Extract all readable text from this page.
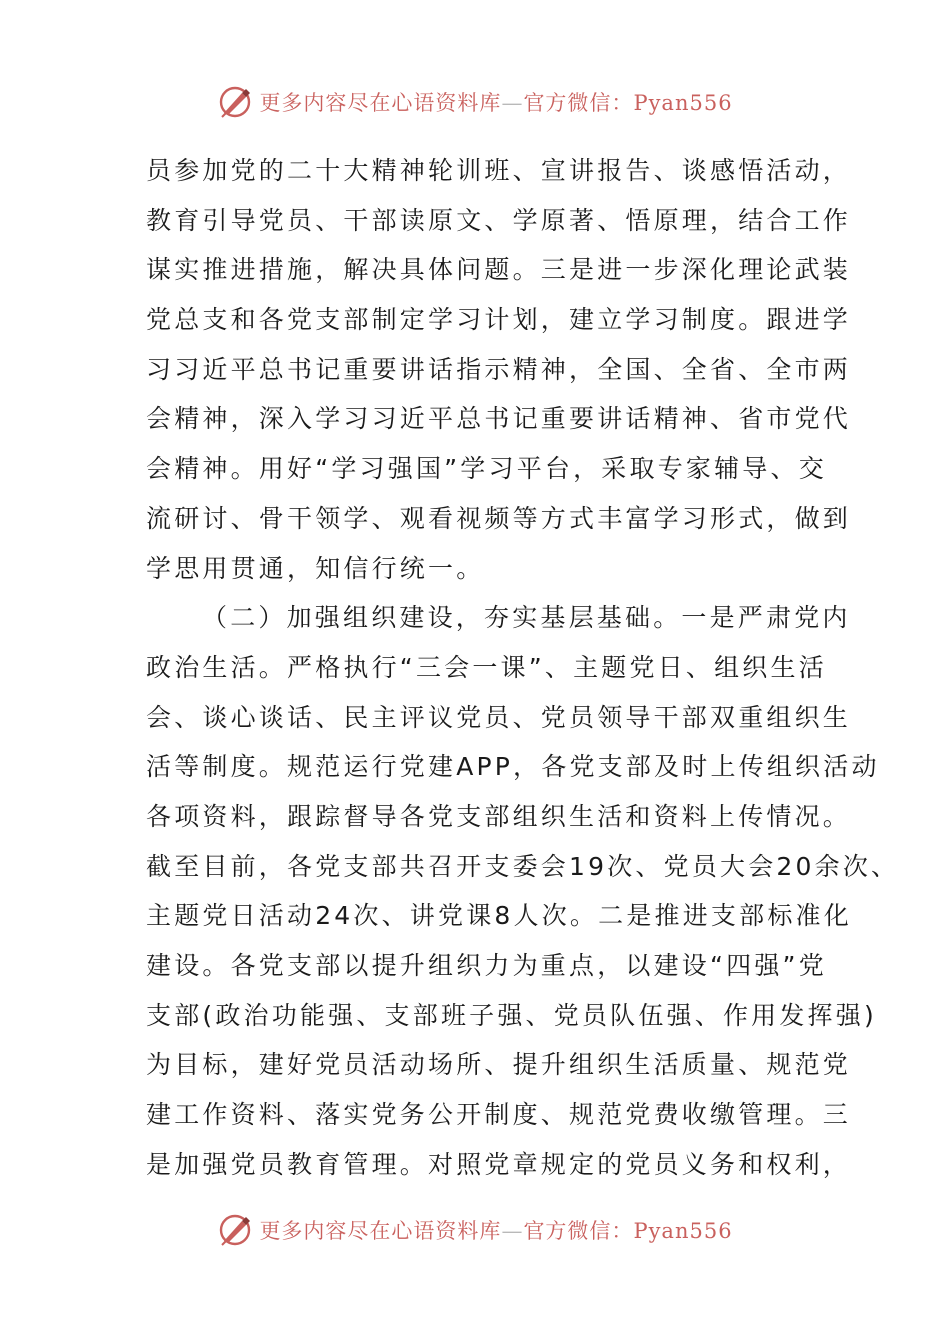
更多内容尽在心语资料库—官方微信：Pyan556
员参加党的二十大精神轮训班、宣讲报告、谈感悟活动，
教育引导党员、干部读原文、学原著、悟原理，结合工作
谋实推进措施，解决具体问题。三是进一步深化理论武装
党总支和各党支部制定学习计划，建立学习制度。跟进学
习习近平总书记重要讲话指示精神，全国、全省、全市两
会精神，深入学习习近平总书记重要讲话精神、省市党代
会精神。用好“学习强国”学习平台，采取专家辅导、交
流研讨、骨干领学、观看视频等方式丰富学习形式，做到
学思用贯通，知信行统一。
（二）加强组织建设，夯实基层基础。一是严肃党内
政治生活。严格执行“三会一课”、主题党日、组织生活
会、谈心谈话、民主评议党员、党员领导干部双重组织生
活等制度。规范运行党建APP，各党支部及时上传组织活动
各项资料，跟踪督导各党支部组织生活和资料上传情况。
截至目前，各党支部共召开支委会19次、党员大会20余次、
主题党日活动24次、讲党课8人次。二是推进支部标准化
建设。各党支部以提升组织力为重点，以建设“四强”党
支部(政治功能强、支部班子强、党员队伍强、作用发挥强)
为目标，建好党员活动场所、提升组织生活质量、规范党
建工作资料、落实党务公开制度、规范党费收缴管理。三
是加强党员教育管理。对照党章规定的党员义务和权利，
更多内容尽在心语资料库—官方微信：Pyan556
